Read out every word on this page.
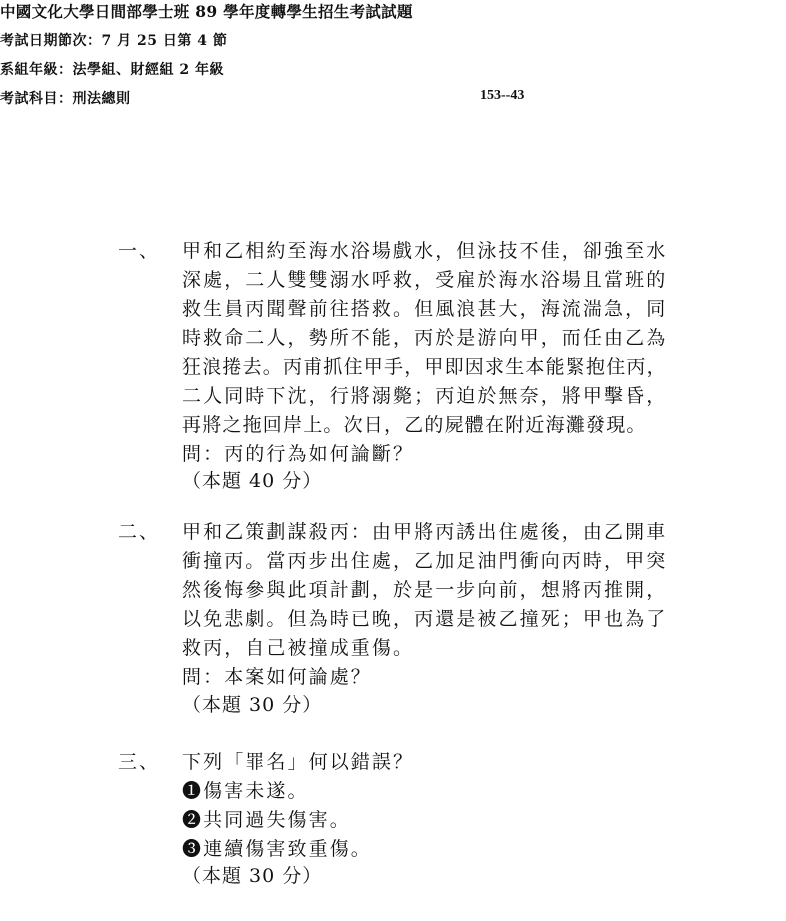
中國文化大學日間部學士班 89 學年度轉學生招生考試試題
考試日期節次：7 月 25 日第 4 節
系組年級：法學組、財經組 2 年級
考試科目：刑法總則	153--43
一、 甲和乙相約至海水浴場戲水，但泳技不佳，卻強至水
深處，二人雙雙溺水呼救，受雇於海水浴場且當班的
救生員丙聞聲前往搭救。但風浪甚大，海流湍急，同
時救命二人，勢所不能，丙於是游向甲，而任由乙為
狂浪捲去。丙甫抓住甲手，甲即因求生本能緊抱住丙，
二人同時下沈，行將溺斃；丙迫於無奈，將甲擊昏，
再將之拖回岸上。次日，乙的屍體在附近海灘發現。
問：丙的行為如何論斷？
（本題 40 分）
二、 甲和乙策劃謀殺丙：由甲將丙誘出住處後，由乙開車
衝撞丙。當丙步出住處，乙加足油門衝向丙時，甲突
然後悔參與此項計劃，於是一步向前，想將丙推開，
以免悲劇。但為時已晚，丙還是被乙撞死；甲也為了
救丙，自己被撞成重傷。
問：本案如何論處？
（本題 30 分）
三、 下列「罪名」何以錯誤？
❶傷害未遂。
❷共同過失傷害。
❸連續傷害致重傷。
（本題 30 分）
